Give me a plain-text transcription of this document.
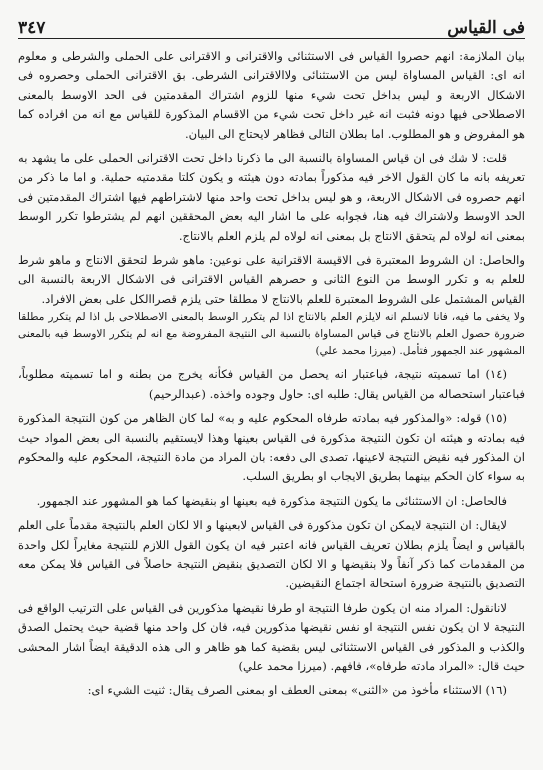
فى القياس
٣٤٧

بيان الملازمة: انهم حصروا القياس فى الاستثنائى والاقترانى و الاقترانى على الحملى والشرطى و معلوم انه اى: القياس المساواة ليس من الاستثنائى ولاالاقترانى الشرطى. بق الاقترانى الحملى وحصروه فى الاشكال الاربعة و ليس بداخل تحت شيء منها للزوم اشتراك المقدمتين فى الحد الاوسط بالمعنى الاصطلاحى فيها دونه فثبت انه غير داخل تحت شيء من الاقسام المذكورة للقياس مع انه من افراده كما هو المفروض و هو المطلوب. اما بطلان التالى فظاهر لايحتاج الى البيان.

قلت: لا شك فى ان قياس المساواة بالنسبة الى ما ذكرنا داخل تحت الاقترانى الحملى على ما يشهد به تعريفه بانه ما كان القول الاخر فيه مذكوراً بمادته دون هيئته و يكون كلتا مقدمتيه حملية. و اما ما ذكر من انهم حصروه فى الاشكال الاربعة، و هو ليس بداخل تحت واحد منها لاشتراطهم فيها اشتراك المقدمتين فى الحد الاوسط ولاشتراك فيه هنا، فجوابه على ما اشار اليه بعض المحققين انهم لم يشترطوا تكرر الوسط بمعنى انه لولاه لم يتحقق الانتاج بل بمعنى انه لولاه لم يلزم العلم بالانتاج.

والحاصل: ان الشروط المعتبرة فى الاقيسة الاقترانية على نوعين: ماهو شرط لتحقق الانتاج و ماهو شرط للعلم به و تكرر الوسط من النوع الثانى و حصرهم القياس الاقترانى فى الاشكال الاربعة بالنسبة الى القياس المشتمل على الشروط المعتبرة للعلم بالانتاج لا مطلقا حتى يلزم قصراالكل على بعض الافراد.

ولا يخفى ما فيه، فانا لانسلم انه لايلزم العلم بالانتاج اذا لم يتكرر الوسط بالمعنى الاصطلاحى بل اذا لم يتكرر مطلقا ضرورة حصول العلم بالانتاج فى قياس المساواة بالنسبة الى النتيجة المفروضة مع انه لم يتكرر الاوسط فيه بالمعنى المشهور عند الجمهور فتأمل. (ميرزا محمد علي)

(١٤) اما تسميته نتيجة، فباعتبار انه يحصل من القياس فكأنه يخرج من بطنه و اما تسميته مطلوباً، فباعتبار استحصاله من القياس يقال: طلبه اى: حاول وجوده واخذه. (عبدالرحيم)

(١٥) قوله: «والمذكور فيه بمادته طرفاه المحكوم عليه و به» لما كان الظاهر من كون النتيجة المذكورة فيه بمادته و هيئته ان تكون النتيجة مذكورة فى القياس بعينها وهذا لايستقيم بالنسبة الى بعض المواد حيث ان المذكور فيه نقيض النتيجة لاعينها، تصدى الى دفعه: بان المراد من مادة النتيجة، المحكوم عليه والمحكوم به سواء كان الحكم بينهما بطريق الايجاب او بطريق السلب.

فالحاصل: ان الاستثنائى ما يكون النتيجة مذكورة فيه بعينها او بنقيضها كما هو المشهور عند الجمهور.

لايقال: ان النتيجة لايمكن ان تكون مذكورة فى القياس لابعينها و الا لكان العلم بالنتيجة مقدماً على العلم بالقياس و ايضاً يلزم بطلان تعريف القياس فانه اعتبر فيه ان يكون القول اللازم للنتيجة مغايراً لكل واحدة من المقدمات كما ذكر آنفاً ولا بنقيضها و الا لكان التصديق بنقيض النتيجة حاصلاً فى القياس فلا يمكن معه التصديق بالنتيجة ضرورة استحالة اجتماع النقيضين.

لانانقول: المراد منه ان يكون طرفا النتيجة او طرفا نقيضها مذكورين فى القياس على الترتيب الواقع فى النتيجة لا ان يكون نفس النتيجة او نفس نقيضها مذكورين فيه، فان كل واحد منها قضية حيث يحتمل الصدق والكذب و المذكور فى القياس الاستثنائى ليس بقضية كما هو ظاهر و الى هذه الدقيقة ايضاً اشار المحشى حيث قال: «المراد مادته طرفاه»، فافهم. (ميرزا محمد علي)

(١٦) الاستثناء مأخوذ من «الثنى» بمعنى العطف او بمعنى الصرف يقال: ثنيت الشيء اى:
